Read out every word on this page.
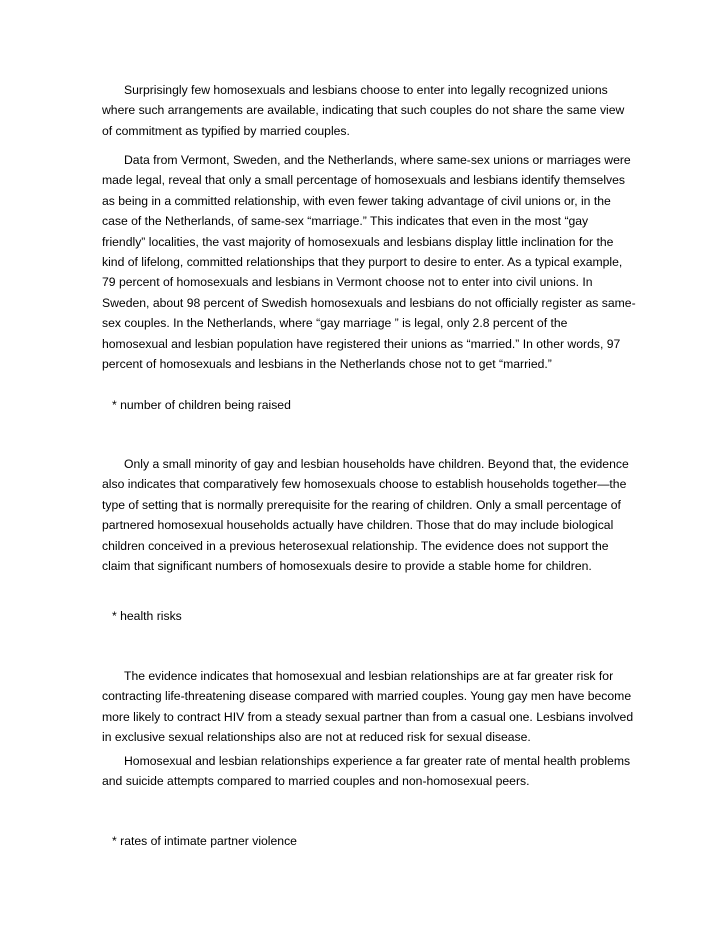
Surprisingly few homosexuals and lesbians choose to enter into legally recognized unions
where such arrangements are available, indicating that such couples do not share the same view
of commitment as typified by married couples.
Data from Vermont, Sweden, and the Netherlands, where same-sex unions or marriages were
made legal, reveal that only a small percentage of homosexuals and lesbians identify themselves
as being in a committed relationship, with even fewer taking advantage of civil unions or, in the
case of the Netherlands, of same-sex “marriage.” This indicates that even in the most “gay
friendly” localities, the vast majority of homosexuals and lesbians display little inclination for the
kind of lifelong, committed relationships that they purport to desire to enter. As a typical example,
79 percent of homosexuals and lesbians in Vermont choose not to enter into civil unions. In
Sweden, about 98 percent of Swedish homosexuals and lesbians do not officially register as same-
sex couples. In the Netherlands, where “gay marriage ” is legal, only 2.8 percent of the
homosexual and lesbian population have registered their unions as “married.” In other words, 97
percent of homosexuals and lesbians in the Netherlands chose not to get “married.”

* number of children being raised

Only a small minority of gay and lesbian households have children. Beyond that, the evidence
also indicates that comparatively few homosexuals choose to establish households together—the
type of setting that is normally prerequisite for the rearing of children. Only a small percentage of
partnered homosexual households actually have children. Those that do may include biological
children conceived in a previous heterosexual relationship. The evidence does not support the
claim that significant numbers of homosexuals desire to provide a stable home for children.

* health risks

The evidence indicates that homosexual and lesbian relationships are at far greater risk for
contracting life-threatening disease compared with married couples. Young gay men have become
more likely to contract HIV from a steady sexual partner than from a casual one. Lesbians involved
in exclusive sexual relationships also are not at reduced risk for sexual disease.
Homosexual and lesbian relationships experience a far greater rate of mental health problems
and suicide attempts compared to married couples and non-homosexual peers.

* rates of intimate partner violence
